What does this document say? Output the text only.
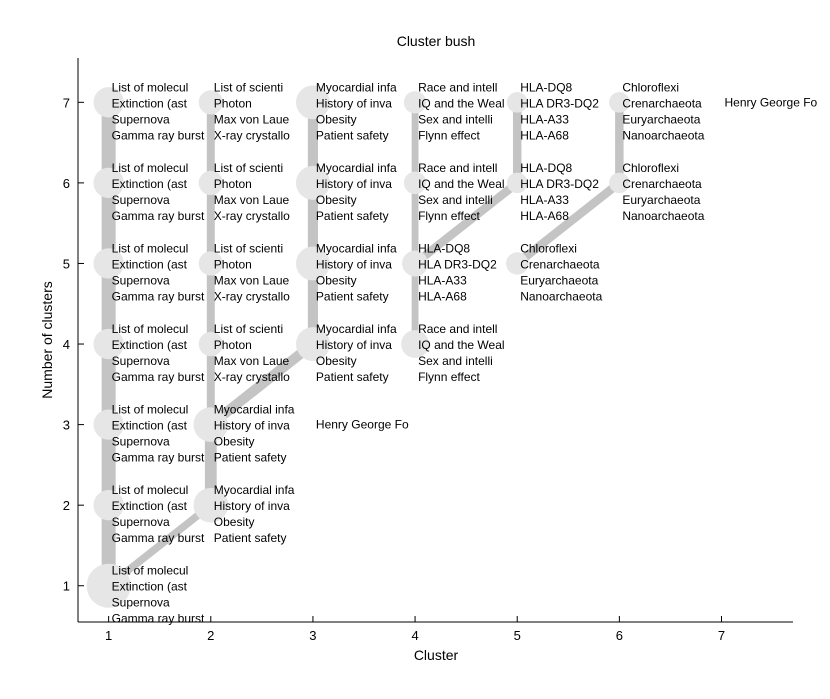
Cluster bush
Cluster
Number of clusters
List of molecul
Extinction (ast
Supernova
Gamma ray burst
List of molecul
Extinction (ast
Supernova
Gamma ray burst
Myocardial infa
History of inva
Obesity
Patient safety
List of molecul
Extinction (ast
Supernova
Gamma ray burst
Myocardial infa
History of inva
Obesity
Patient safety
Henry George Fo
List of molecul
Extinction (ast
Supernova
Gamma ray burst
List of scienti
Photon
Max von Laue
X-ray crystallo
Myocardial infa
History of inva
Obesity
Patient safety
Race and intell
IQ and the Weal
Sex and intelli
Flynn effect
List of molecul
Extinction (ast
Supernova
Gamma ray burst
List of scienti
Photon
Max von Laue
X-ray crystallo
Myocardial infa
History of inva
Obesity
Patient safety
HLA-DQ8
HLA DR3-DQ2
HLA-A33
HLA-A68
Chloroflexi
Crenarchaeota
Euryarchaeota
Nanoarchaeota
List of molecul
Extinction (ast
Supernova
Gamma ray burst
List of scienti
Photon
Max von Laue
X-ray crystallo
Myocardial infa
History of inva
Obesity
Patient safety
Race and intell
IQ and the Weal
Sex and intelli
Flynn effect
HLA-DQ8
HLA DR3-DQ2
HLA-A33
HLA-A68
Chloroflexi
Crenarchaeota
Euryarchaeota
Nanoarchaeota
List of molecul
Extinction (ast
Supernova
Gamma ray burst
List of scienti
Photon
Max von Laue
X-ray crystallo
Myocardial infa
History of inva
Obesity
Patient safety
Race and intell
IQ and the Weal
Sex and intelli
Flynn effect
HLA-DQ8
HLA DR3-DQ2
HLA-A33
HLA-A68
Chloroflexi
Crenarchaeota
Euryarchaeota
Nanoarchaeota
Henry George Fo
1	2	3	4	5	6	7
1
2
3
4
5
6
7
